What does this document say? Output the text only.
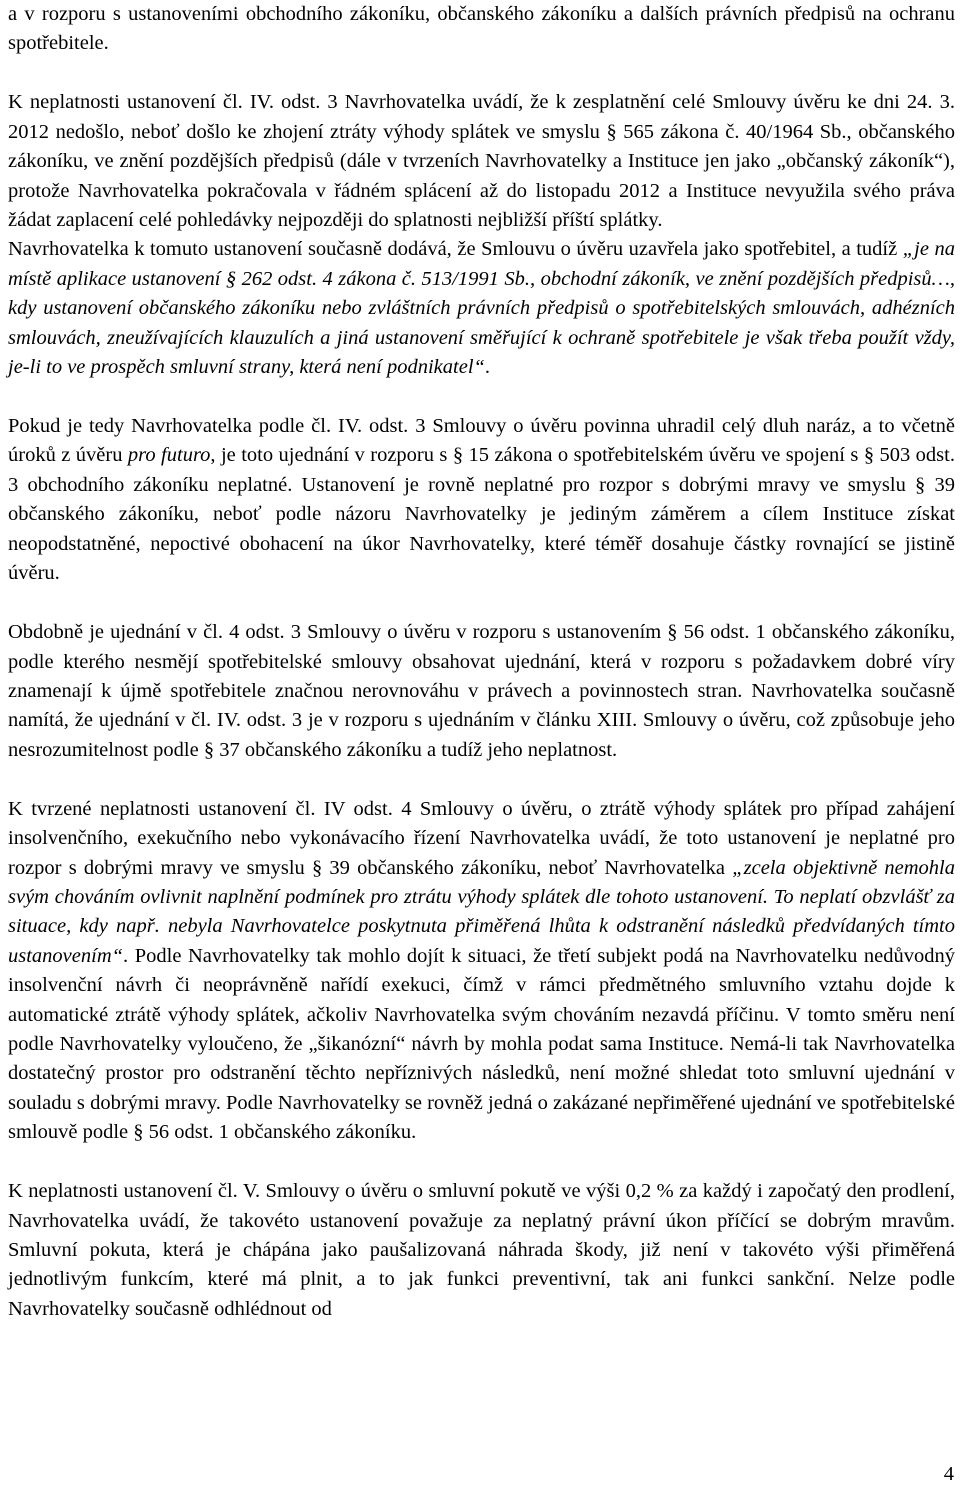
a v rozporu s ustanoveními obchodního zákoníku, občanského zákoníku a dalších právních předpisů na ochranu spotřebitele.

K neplatnosti ustanovení čl. IV. odst. 3 Navrhovatelka uvádí, že k zesplatnění celé Smlouvy úvěru ke dni 24. 3. 2012 nedošlo, neboť došlo ke zhojení ztráty výhody splátek ve smyslu § 565 zákona č. 40/1964 Sb., občanského zákoníku, ve znění pozdějších předpisů (dále v tvrzeních Navrhovatelky a Instituce jen jako „občanský zákoník“), protože Navrhovatelka pokračovala v řádném splácení až do listopadu 2012 a Instituce nevyužila svého práva žádat zaplacení celé pohledávky nejpozději do splatnosti nejbližší příští splátky.

Navrhovatelka k tomuto ustanovení současně dodává, že Smlouvu o úvěru uzavřela jako spotřebitel, a tudíž „je na místě aplikace ustanovení § 262 odst. 4 zákona č. 513/1991 Sb., obchodní zákoník, ve znění pozdějších předpisů…, kdy ustanovení občanského zákoníku nebo zvláštních právních předpisů o spotřebitelských smlouvách, adhézních smlouvách, zneužívajících klauzulích a jiná ustanovení směřující k ochraně spotřebitele je však třeba použít vždy, je-li to ve prospěch smluvní strany, která není podnikatel“.

Pokud je tedy Navrhovatelka podle čl. IV. odst. 3 Smlouvy o úvěru povinna uhradil celý dluh naráz, a to včetně úroků z úvěru pro futuro, je toto ujednání v rozporu s § 15 zákona o spotřebitelském úvěru ve spojení s § 503 odst. 3 obchodního zákoníku neplatné. Ustanovení je rovně neplatné pro rozpor s dobrými mravy ve smyslu § 39 občanského zákoníku, neboť podle názoru Navrhovatelky je jediným záměrem a cílem Instituce získat neopodstatněné, nepoctivé obohacení na úkor Navrhovatelky, které téměř dosahuje částky rovnající se jistině úvěru.

Obdobně je ujednání v čl. 4 odst. 3 Smlouvy o úvěru v rozporu s ustanovením § 56 odst. 1 občanského zákoníku, podle kterého nesmějí spotřebitelské smlouvy obsahovat ujednání, která v rozporu s požadavkem dobré víry znamenají k újmě spotřebitele značnou nerovnováhu v právech a povinnostech stran. Navrhovatelka současně namítá, že ujednání v čl. IV. odst. 3 je v rozporu s ujednáním v článku XIII. Smlouvy o úvěru, což způsobuje jeho nesrozumitelnost podle § 37 občanského zákoníku a tudíž jeho neplatnost.

K tvrzené neplatnosti ustanovení čl. IV odst. 4 Smlouvy o úvěru, o ztrátě výhody splátek pro případ zahájení insolvenčního, exekučního nebo vykonávacího řízení Navrhovatelka uvádí, že toto ustanovení je neplatné pro rozpor s dobrými mravy ve smyslu § 39 občanského zákoníku, neboť Navrhovatelka „zcela objektivně nemohla svým chováním ovlivnit naplnění podmínek pro ztrátu výhody splátek dle tohoto ustanovení. To neplatí obzvlášť za situace, kdy např. nebyla Navrhovatelce poskytnuta přiměřená lhůta k odstranění následků předvídaných tímto ustanovením“. Podle Navrhovatelky tak mohlo dojít k situaci, že třetí subjekt podá na Navrhovatelku nedůvodný insolvenční návrh či neoprávněně nařídí exekuci, čímž v rámci předmětného smluvního vztahu dojde k automatické ztrátě výhody splátek, ačkoliv Navrhovatelka svým chováním nezavdá příčinu. V tomto směru není podle Navrhovatelky vyloučeno, že „šikanózní“ návrh by mohla podat sama Instituce. Nemá-li tak Navrhovatelka dostatečný prostor pro odstranění těchto nepříznivých následků, není možné shledat toto smluvní ujednání v souladu s dobrými mravy. Podle Navrhovatelky se rovněž jedná o zakázané nepřiměřené ujednání ve spotřebitelské smlouvě podle § 56 odst. 1 občanského zákoníku.

K neplatnosti ustanovení čl. V. Smlouvy o úvěru o smluvní pokutě ve výši 0,2 % za každý i započatý den prodlení, Navrhovatelka uvádí, že takovéto ustanovení považuje za neplatný právní úkon příčící se dobrým mravům. Smluvní pokuta, která je chápána jako paušalizovaná náhrada škody, již není v takovéto výši přiměřená jednotlivým funkcím, které má plnit, a to jak funkci preventivní, tak ani funkci sankční. Nelze podle Navrhovatelky současně odhlédnout od

4
